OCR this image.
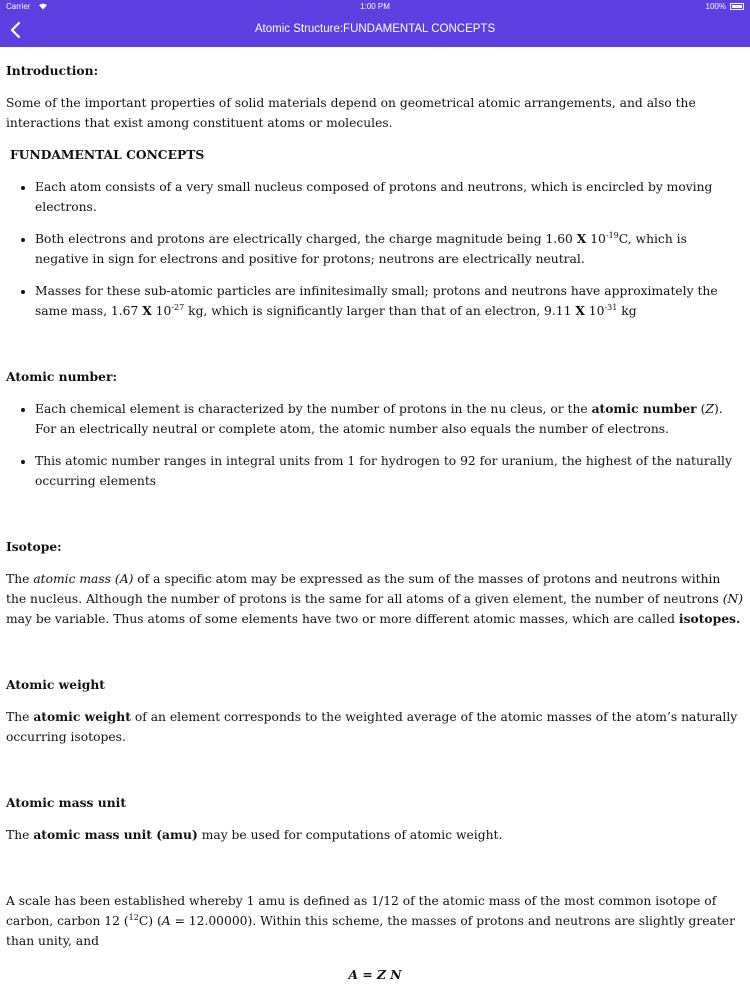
Carrier	1:00 PM	100%
Atomic Structure:FUNDAMENTAL CONCEPTS
Introduction:

Some of the important properties of solid materials depend on geometrical atomic arrangements, and also the interactions that exist among constituent atoms or molecules.

FUNDAMENTAL CONCEPTS
• Each atom consists of a very small nucleus composed of protons and neutrons, which is encircled by moving electrons.
• Both electrons and protons are electrically charged, the charge magnitude being 1.60 X $10^{-19}C$, which is negative in sign for electrons and positive for protons; neutrons are electrically neutral.
• Masses for these sub-atomic particles are infinitesimally small; protons and neutrons have approximately the same mass, 1.67 X $10^{-27}$ kg, which is significantly larger than that of an electron, 9.11 X $10^{-31}$ kg
Atomic number:
• Each chemical element is characterized by the number of protons in the nu cleus, or the atomic number (Z). For an electrically neutral or complete atom, the atomic number also equals the number of electrons.
• This atomic number ranges in integral units from 1 for hydrogen to 92 for uranium, the highest of the naturally occurring elements
Isotope:

The atomic mass (A) of a specific atom may be expressed as the sum of the masses of protons and neutrons within the nucleus. Although the number of protons is the same for all atoms of a given element, the number of neutrons (N) may be variable. Thus atoms of some elements have two or more different atomic masses, which are called isotopes.

Atomic weight

The atomic weight of an element corresponds to the weighted average of the atomic masses of the atom’s naturally occurring isotopes.

Atomic mass unit

The atomic mass unit (amu) may be used for computations of atomic weight.

A scale has been established whereby 1 amu is defined as 1/12 of the atomic mass of the most common isotope of carbon, carbon 12 ($^{12}$C) (A = 12.00000). Within this scheme, the masses of protons and neutrons are slightly greater than unity, and

A = Z N
